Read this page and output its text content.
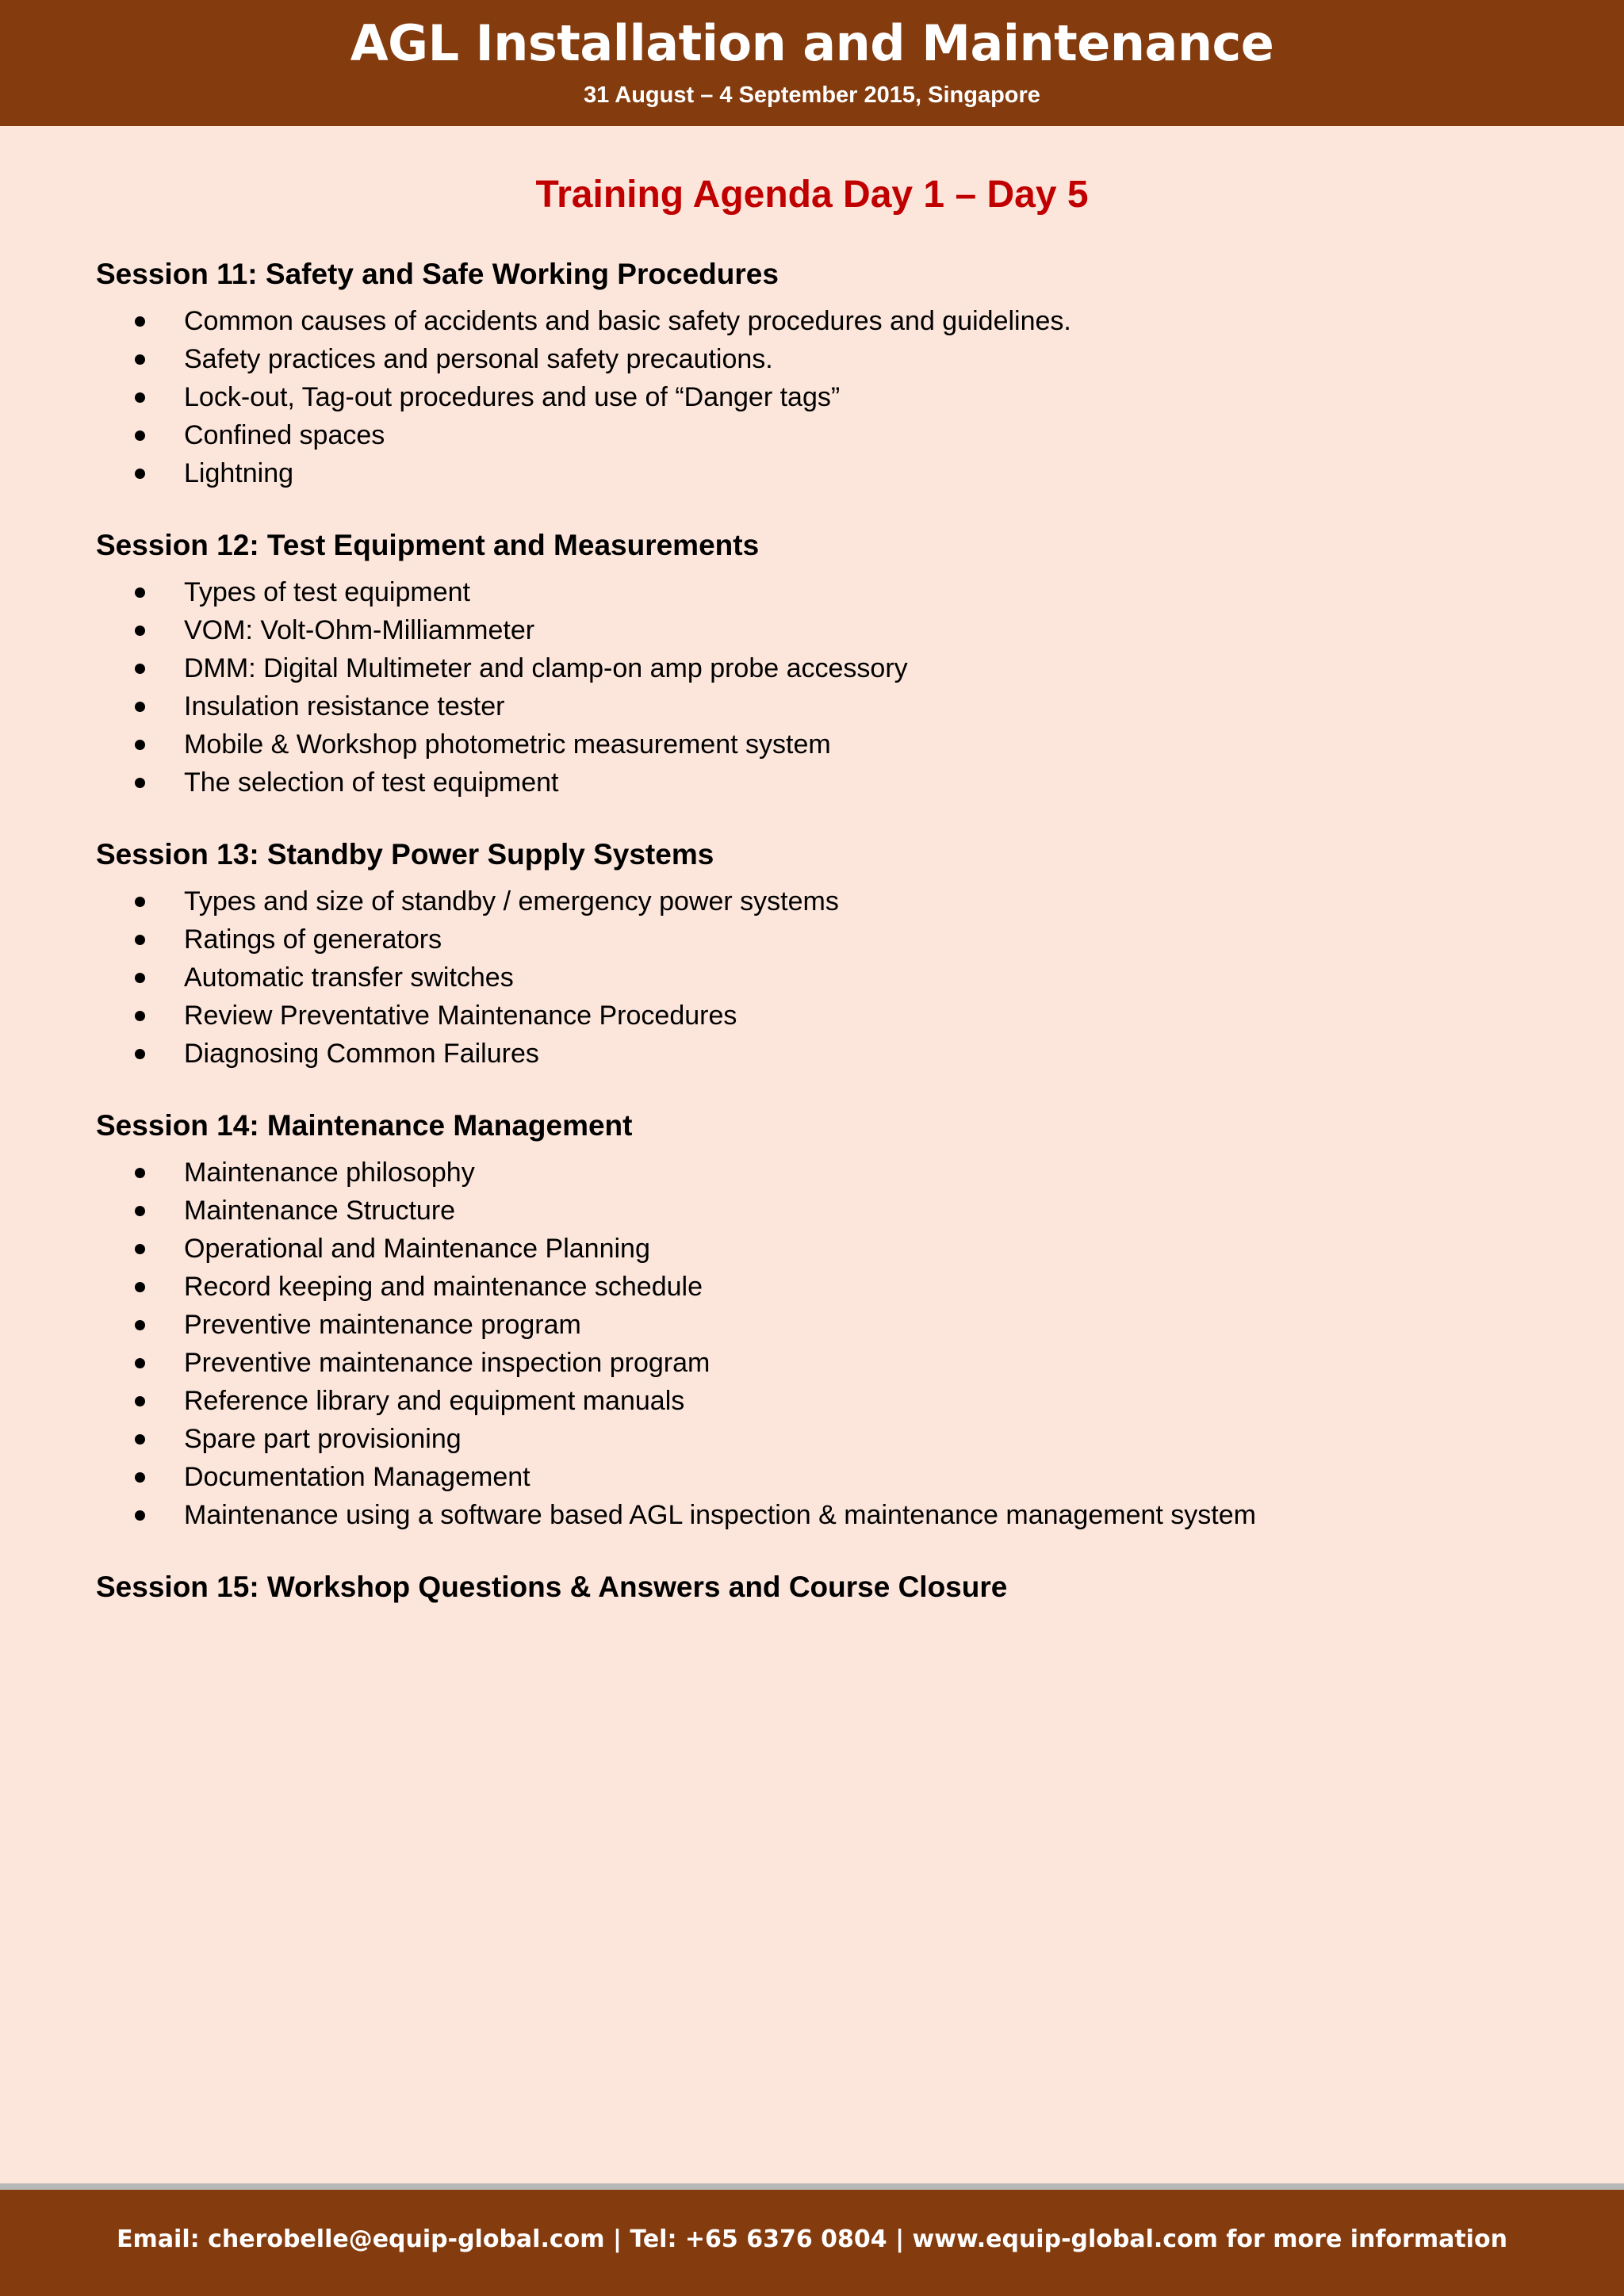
AGL Installation and Maintenance
31 August – 4 September 2015, Singapore
Training Agenda Day 1 – Day 5
Session 11: Safety and Safe Working Procedures
Common causes of accidents and basic safety procedures and guidelines.
Safety practices and personal safety precautions.
Lock-out, Tag-out procedures and use of “Danger tags”
Confined spaces
Lightning
Session 12: Test Equipment and Measurements
Types of test equipment
VOM: Volt-Ohm-Milliammeter
DMM: Digital Multimeter and clamp-on amp probe accessory
Insulation resistance tester
Mobile & Workshop photometric measurement system
The selection of test equipment
Session 13: Standby Power Supply Systems
Types and size of standby / emergency power systems
Ratings of generators
Automatic transfer switches
Review Preventative Maintenance Procedures
Diagnosing Common Failures
Session 14: Maintenance Management
Maintenance philosophy
Maintenance Structure
Operational and Maintenance Planning
Record keeping and maintenance schedule
Preventive maintenance program
Preventive maintenance inspection program
Reference library and equipment manuals
Spare part provisioning
Documentation Management
Maintenance using a software based AGL inspection & maintenance management system
Session 15: Workshop Questions & Answers and Course Closure
Email: cherobelle@equip-global.com | Tel: +65 6376 0804 | www.equip-global.com for more information
